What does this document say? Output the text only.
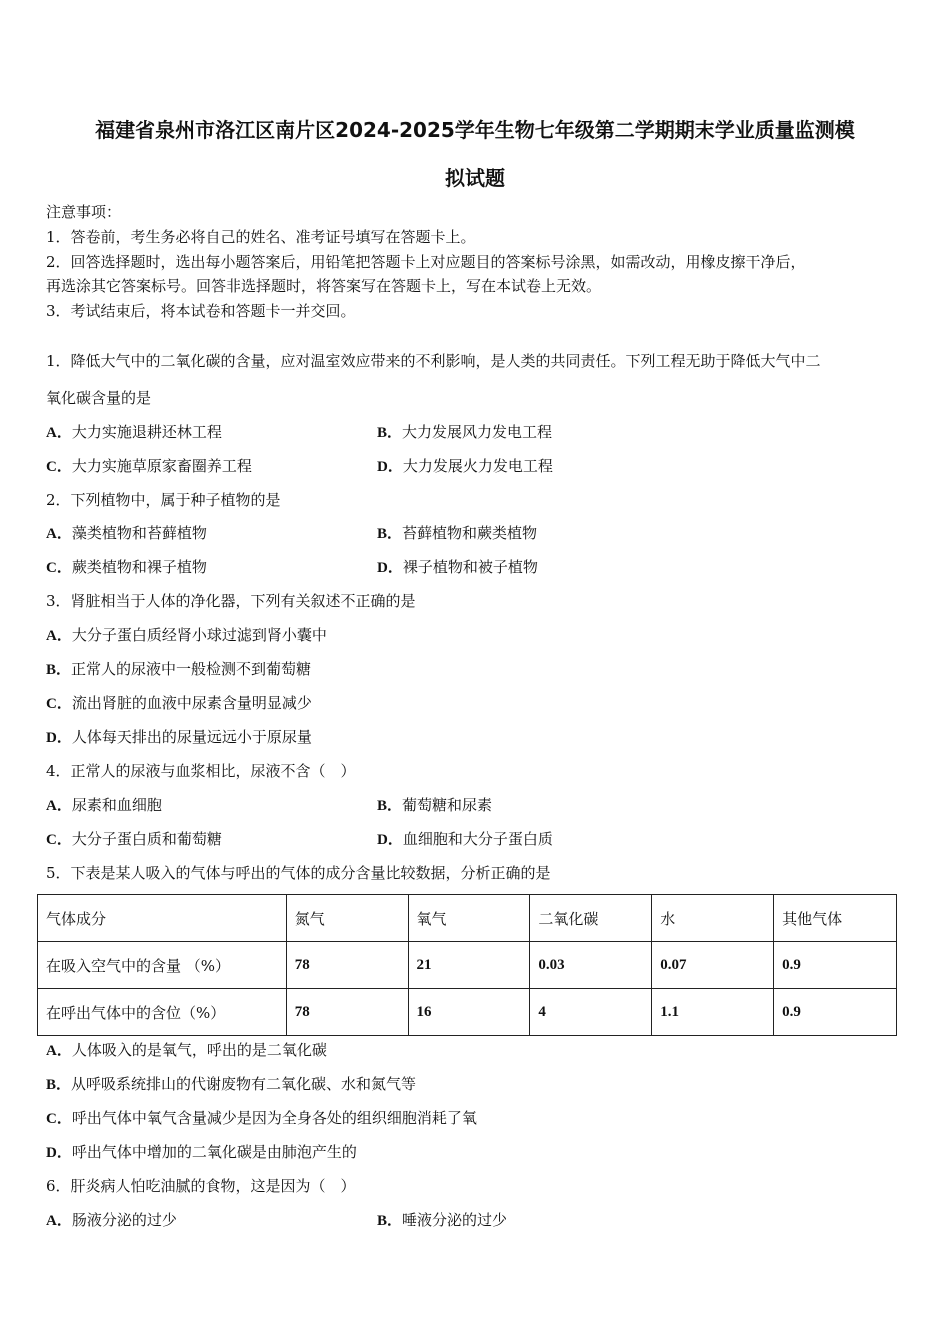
福建省泉州市洛江区南片区2024-2025学年生物七年级第二学期期末学业质量监测模
拟试题
注意事项：
1．答卷前，考生务必将自己的姓名、准考证号填写在答题卡上。
2．回答选择题时，选出每小题答案后，用铅笔把答题卡上对应题目的答案标号涂黑，如需改动，用橡皮擦干净后，
再选涂其它答案标号。回答非选择题时，将答案写在答题卡上，写在本试卷上无效。
3．考试结束后，将本试卷和答题卡一并交回。
1．降低大气中的二氧化碳的含量，应对温室效应带来的不利影响，是人类的共同责任。下列工程无助于降低大气中二
氧化碳含量的是
A．大力实施退耕还林工程	B．大力发展风力发电工程
C．大力实施草原家畜圈养工程	D．大力发展火力发电工程
2．下列植物中，属于种子植物的是
A．藻类植物和苔藓植物	B．苔藓植物和蕨类植物
C．蕨类植物和裸子植物	D．裸子植物和被子植物
3．肾脏相当于人体的净化器，下列有关叙述不正确的是
A．大分子蛋白质经肾小球过滤到肾小囊中
B．正常人的尿液中一般检测不到葡萄糖
C．流出肾脏的血液中尿素含量明显减少
D．人体每天排出的尿量远远小于原尿量
4．正常人的尿液与血浆相比，尿液不含（　）
A．尿素和血细胞	B．葡萄糖和尿素
C．大分子蛋白质和葡萄糖	D．血细胞和大分子蛋白质
5．下表是某人吸入的气体与呼出的气体的成分含量比较数据，分析正确的是
气体成分	氮气	氧气	二氧化碳	水	其他气体
在吸入空气中的含量 （%）	78	21	0.03	0.07	0.9
在呼出气体中的含位（%）	78	16	4	1.1	0.9
A．人体吸入的是氧气，呼出的是二氧化碳
B．从呼吸系统排山的代谢废物有二氧化碳、水和氮气等
C．呼出气体中氧气含量减少是因为全身各处的组织细胞消耗了氧
D．呼出气体中增加的二氧化碳是由肺泡产生的
6．肝炎病人怕吃油腻的食物，这是因为（　）
A．肠液分泌的过少	B．唾液分泌的过少
